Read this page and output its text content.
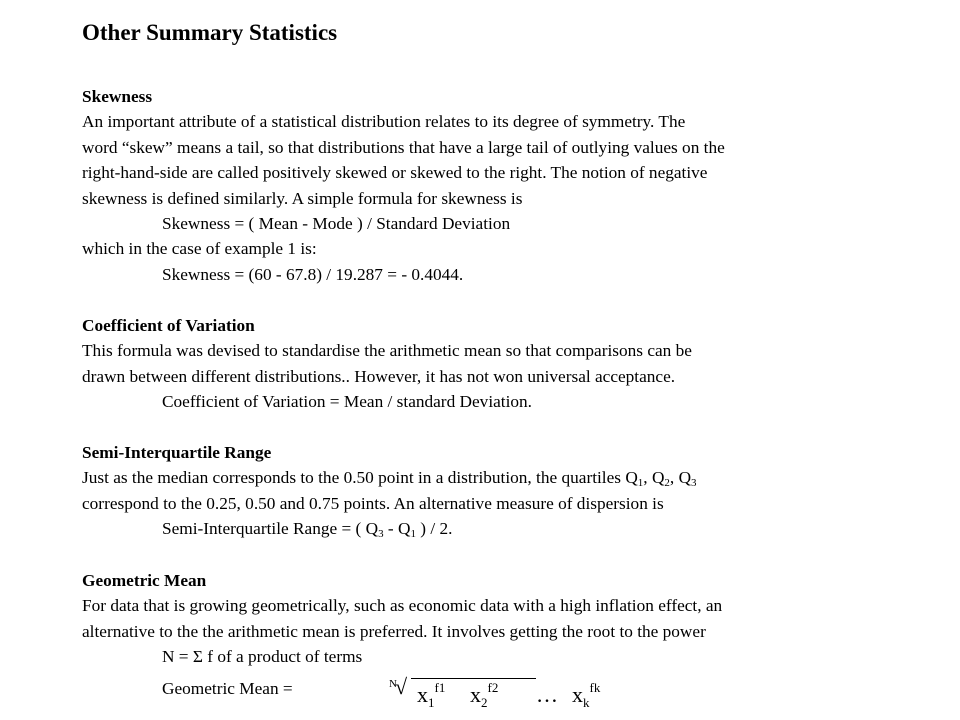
Other Summary Statistics

Skewness

An important attribute of a statistical distribution relates to its degree of symmetry. The

word “skew” means a tail, so that distributions that have a large tail of outlying values on the

right-hand-side are called positively skewed or skewed to the right. The notion of negative

skewness is defined similarly. A simple formula for skewness is

Skewness = ( Mean - Mode ) / Standard Deviation

which in the case of example 1 is:

Skewness = (60 - 67.8) / 19.287 = - 0.4044.

Coefficient of Variation

This formula was devised to standardise the arithmetic mean so that comparisons can be

drawn between different distributions.. However, it has not won universal acceptance.

Coefficient of Variation = Mean / standard Deviation.

Semi-Interquartile Range

Just as the median corresponds to the 0.50 point in a distribution, the quartiles $Q_1$, $Q_2$, $Q_3$

correspond to the 0.25, 0.50 and 0.75 points. An alternative measure of dispersion is

Semi-Interquartile Range = ( $Q_3 - Q_1$ ) / 2.

Geometric Mean

For data that is growing geometrically, such as economic data with a high inflation effect, an

alternative to the the arithmetic mean is preferred. It involves getting the root to the power

N = Σ f of a product of terms

Geometric Mean =	N
√ $x_1^{f1}$ $x_2^{f2}$ … $x_k^{fk}$
